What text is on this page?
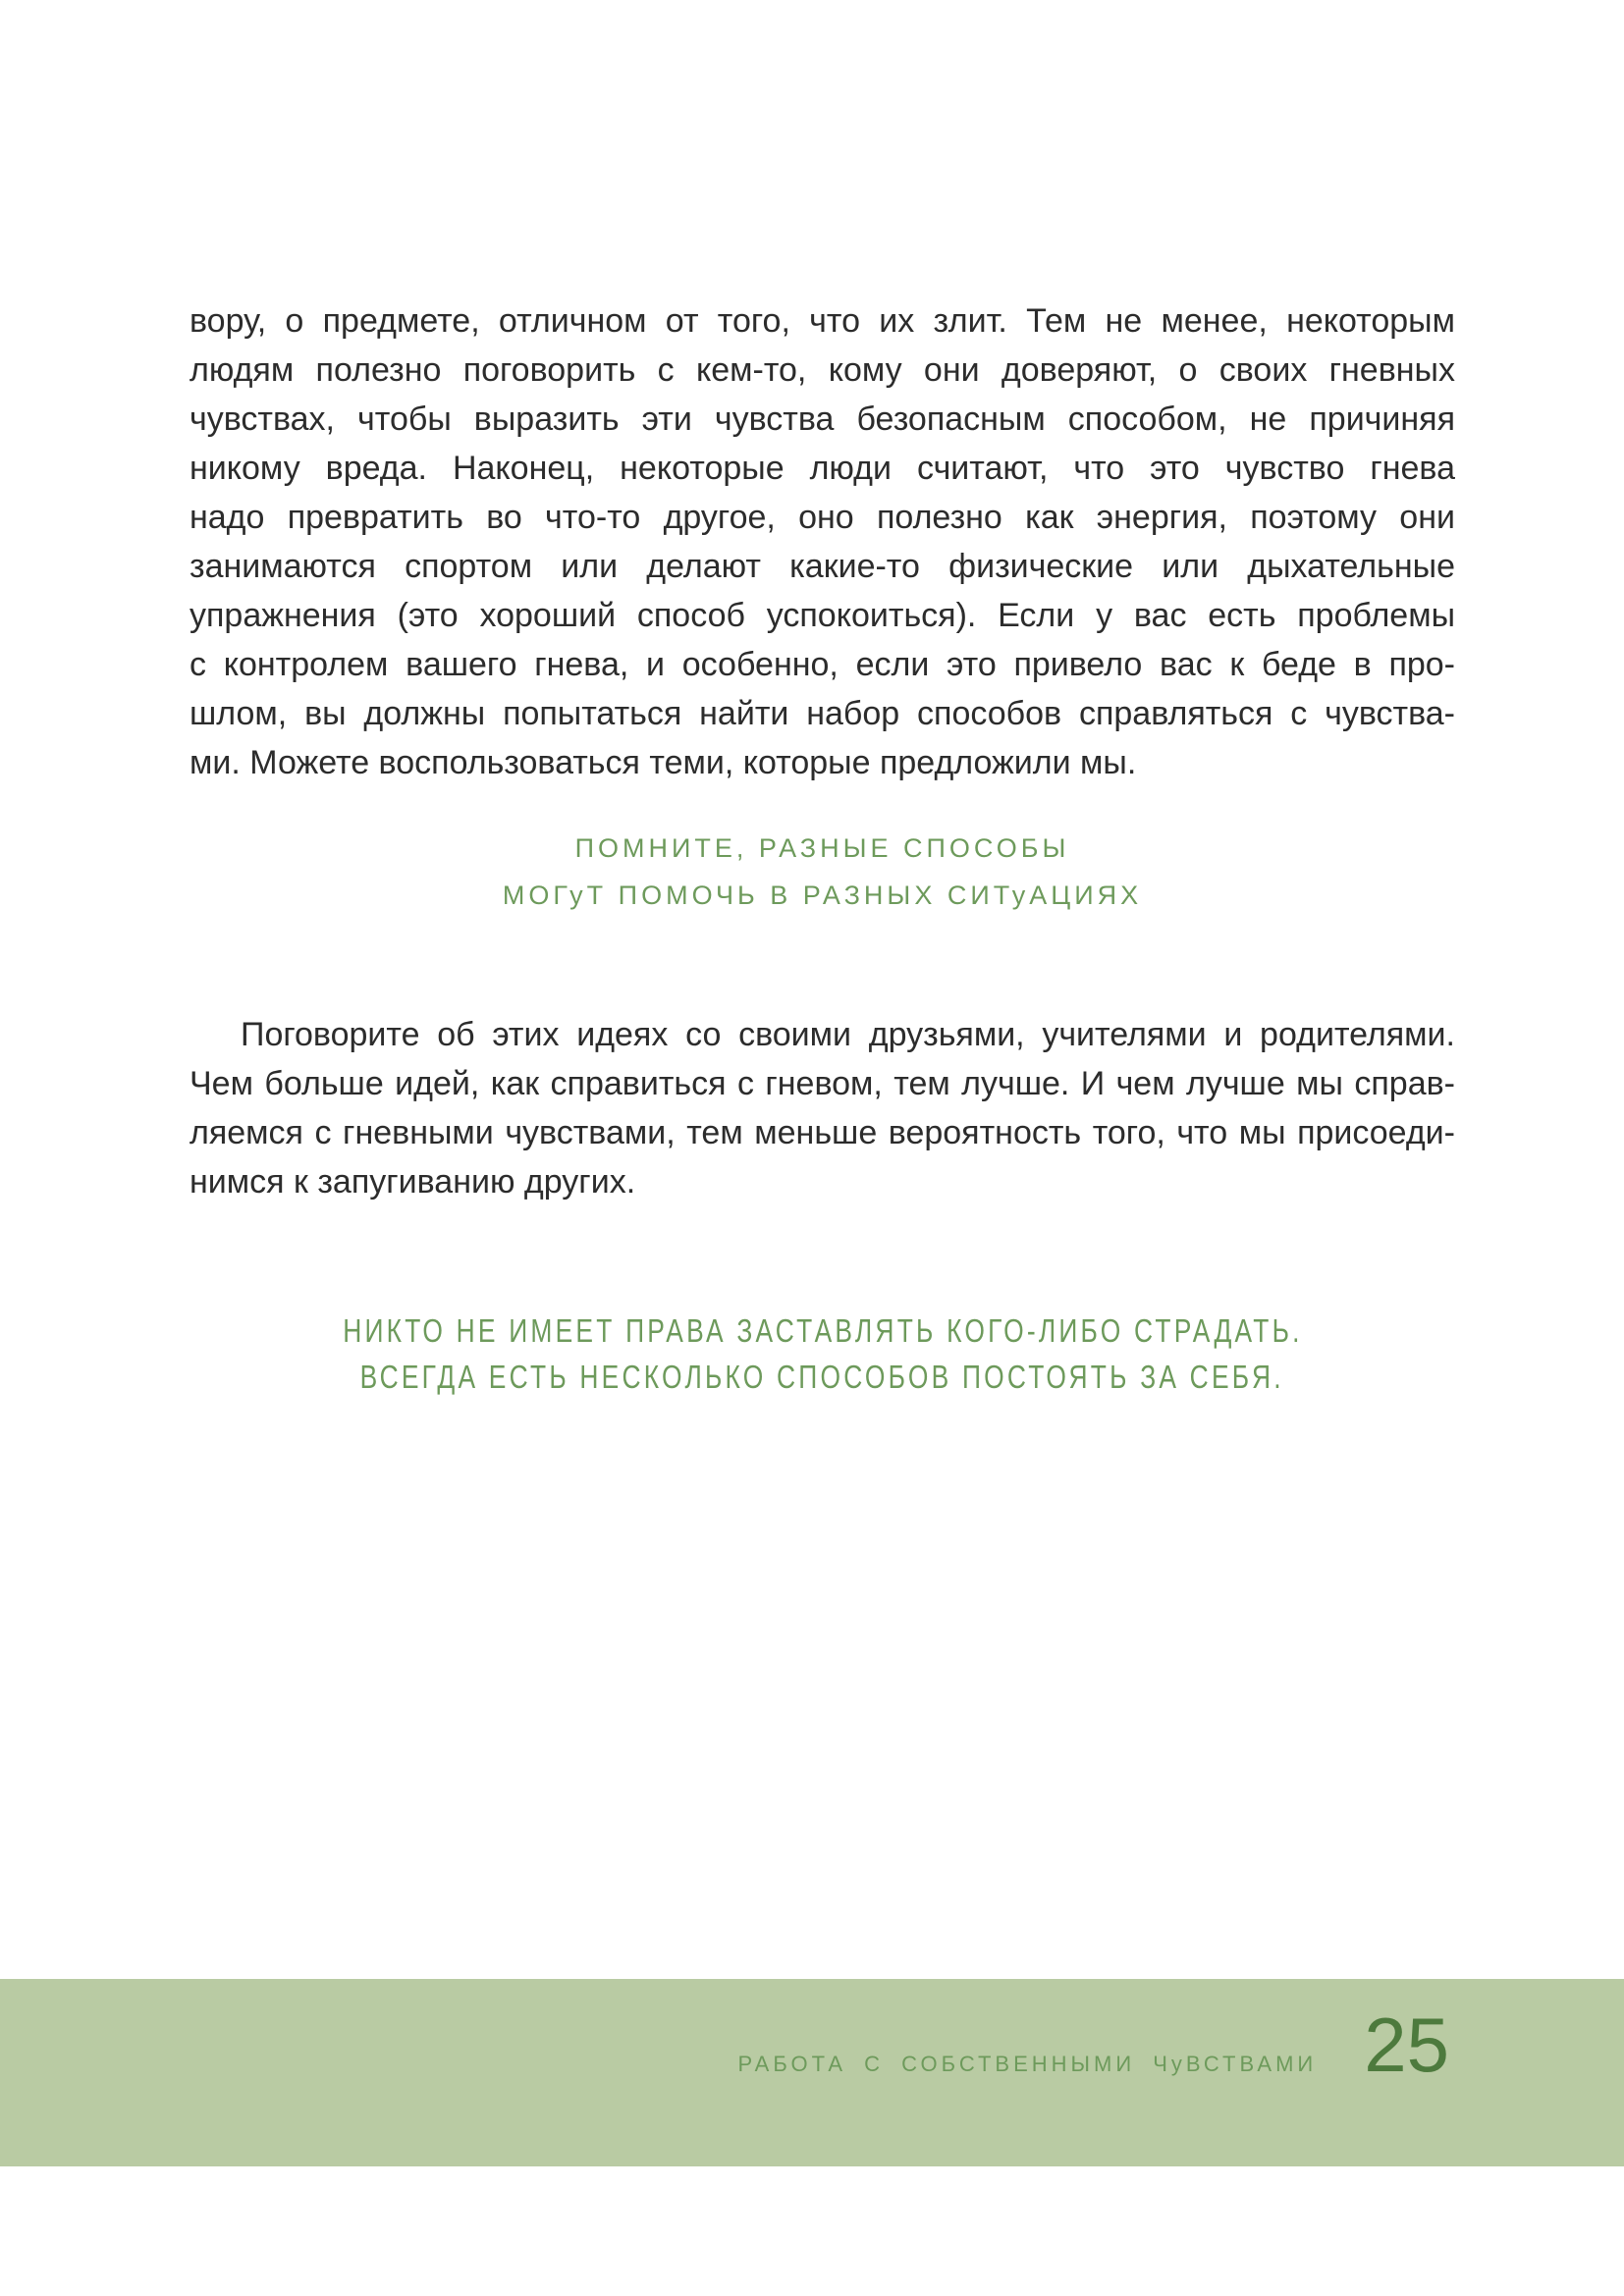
вору, о предмете, отличном от того, что их злит. Тем не менее, некоторым
людям полезно поговорить с кем-то, кому они доверяют, о своих гневных
чувствах, чтобы выразить эти чувства безопасным способом, не причиняя
никому вреда. Наконец, некоторые люди считают, что это чувство гнева
надо превратить во что-то другое, оно полезно как энергия, поэтому они
занимаются спортом или делают какие-то физические или дыхательные
упражнения (это хороший способ успокоиться). Если у вас есть проблемы
с контролем вашего гнева, и особенно, если это привело вас к беде в про-
шлом, вы должны попытаться найти набор способов справляться с чувства-
ми. Можете воспользоваться теми, которые предложили мы.
ПОМНИТЕ, РАЗНЫЕ СПОСОБЫ
МОГуТ ПОМОЧЬ В РАЗНЫХ СИТуАЦИЯХ
Поговорите об этих идеях со своими друзьями, учителями и родителями.
Чем больше идей, как справиться с гневом, тем лучше. И чем лучше мы справ-
ляемся с гневными чувствами, тем меньше вероятность того, что мы присоеди-
нимся к запугиванию других.
НИКТО НЕ ИМЕЕТ ПРАВА ЗАСТАВЛЯТЬ КОГО-ЛИБО СТРАДАТЬ.
ВСЕГДА ЕСТЬ НЕСКОЛЬКО СПОСОБОВ ПОСТОЯТЬ ЗА СЕБЯ.
РАБОТА С СОБСТВЕННЫМИ ЧуВСТВАМИ 25
